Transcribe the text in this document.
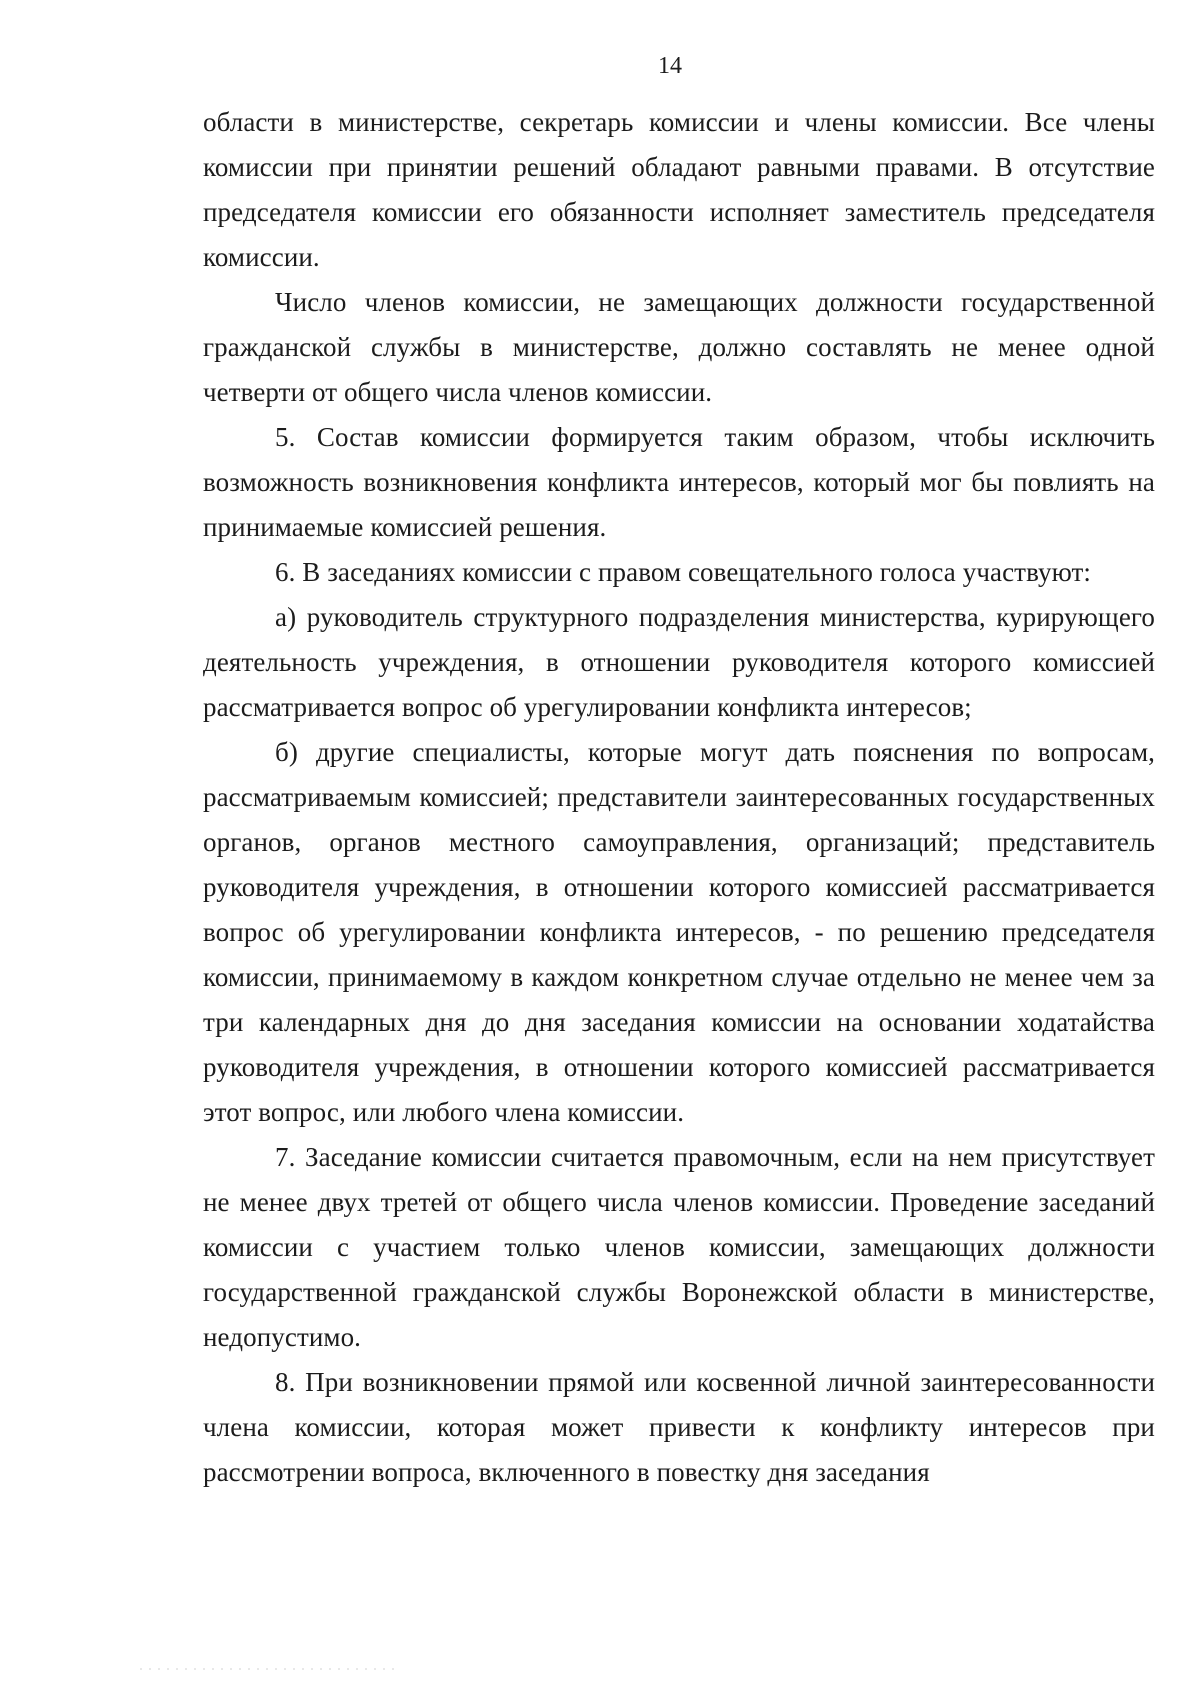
14

области в министерстве, секретарь комиссии и члены комиссии. Все члены комиссии при принятии решений обладают равными правами. В отсутствие председателя комиссии его обязанности исполняет заместитель председателя комиссии.

Число членов комиссии, не замещающих должности государственной гражданской службы в министерстве, должно составлять не менее одной четверти от общего числа членов комиссии.

5. Состав комиссии формируется таким образом, чтобы исключить возможность возникновения конфликта интересов, который мог бы повлиять на принимаемые комиссией решения.

6. В заседаниях комиссии с правом совещательного голоса участвуют:

а) руководитель структурного подразделения министерства, курирующего деятельность учреждения, в отношении руководителя которого комиссией рассматривается вопрос об урегулировании конфликта интересов;

б) другие специалисты, которые могут дать пояснения по вопросам, рассматриваемым комиссией; представители заинтересованных государственных органов, органов местного самоуправления, организаций; представитель руководителя учреждения, в отношении которого комиссией рассматривается вопрос об урегулировании конфликта интересов, - по решению председателя комиссии, принимаемому в каждом конкретном случае отдельно не менее чем за три календарных дня до дня заседания комиссии на основании ходатайства руководителя учреждения, в отношении которого комиссией рассматривается этот вопрос, или любого члена комиссии.

7. Заседание комиссии считается правомочным, если на нем присутствует не менее двух третей от общего числа членов комиссии. Проведение заседаний комиссии с участием только членов комиссии, замещающих должности государственной гражданской службы Воронежской области в министерстве, недопустимо.

8. При возникновении прямой или косвенной личной заинтересованности члена комиссии, которая может привести к конфликту интересов при рассмотрении вопроса, включенного в повестку дня заседания
